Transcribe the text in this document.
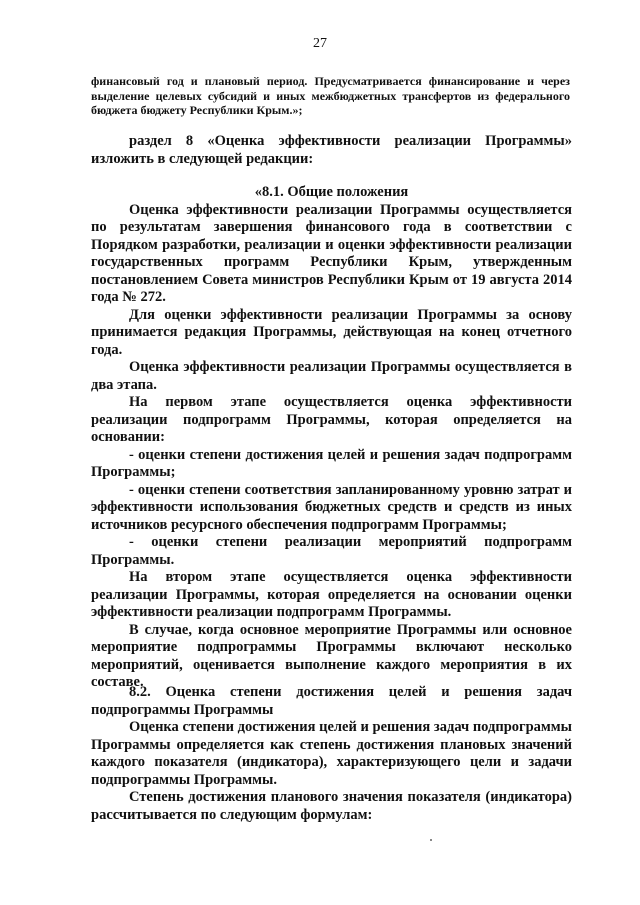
27
финансовый год и плановый период. Предусматривается финансирование и через выделение целевых субсидий и иных межбюджетных трансфертов из федерального бюджета бюджету Республики Крым.»;

раздел 8 «Оценка эффективности реализации Программы» изложить в следующей редакции:

«8.1. Общие положения

Оценка эффективности реализации Программы осуществляется по результатам завершения финансового года в соответствии с Порядком разработки, реализации и оценки эффективности реализации государственных программ Республики Крым, утвержденным постановлением Совета министров Республики Крым от 19 августа 2014 года № 272.

Для оценки эффективности реализации Программы за основу принимается редакция Программы, действующая на конец отчетного года.

Оценка эффективности реализации Программы осуществляется в два этапа.

На первом этапе осуществляется оценка эффективности реализации подпрограмм Программы, которая определяется на основании:

- оценки степени достижения целей и решения задач подпрограмм Программы;

- оценки степени соответствия запланированному уровню затрат и эффективности использования бюджетных средств и средств из иных источников ресурсного обеспечения подпрограмм Программы;

- оценки степени реализации мероприятий подпрограмм Программы.

На втором этапе осуществляется оценка эффективности реализации Программы, которая определяется на основании оценки эффективности реализации подпрограмм Программы.

В случае, когда основное мероприятие Программы или основное мероприятие подпрограммы Программы включают несколько мероприятий, оценивается выполнение каждого мероприятия в их составе.

8.2. Оценка степени достижения целей и решения задач подпрограммы Программы

Оценка степени достижения целей и решения задач подпрограммы Программы определяется как степень достижения плановых значений каждого показателя (индикатора), характеризующего цели и задачи подпрограммы Программы.

Степень достижения планового значения показателя (индикатора) рассчитывается по следующим формулам:
